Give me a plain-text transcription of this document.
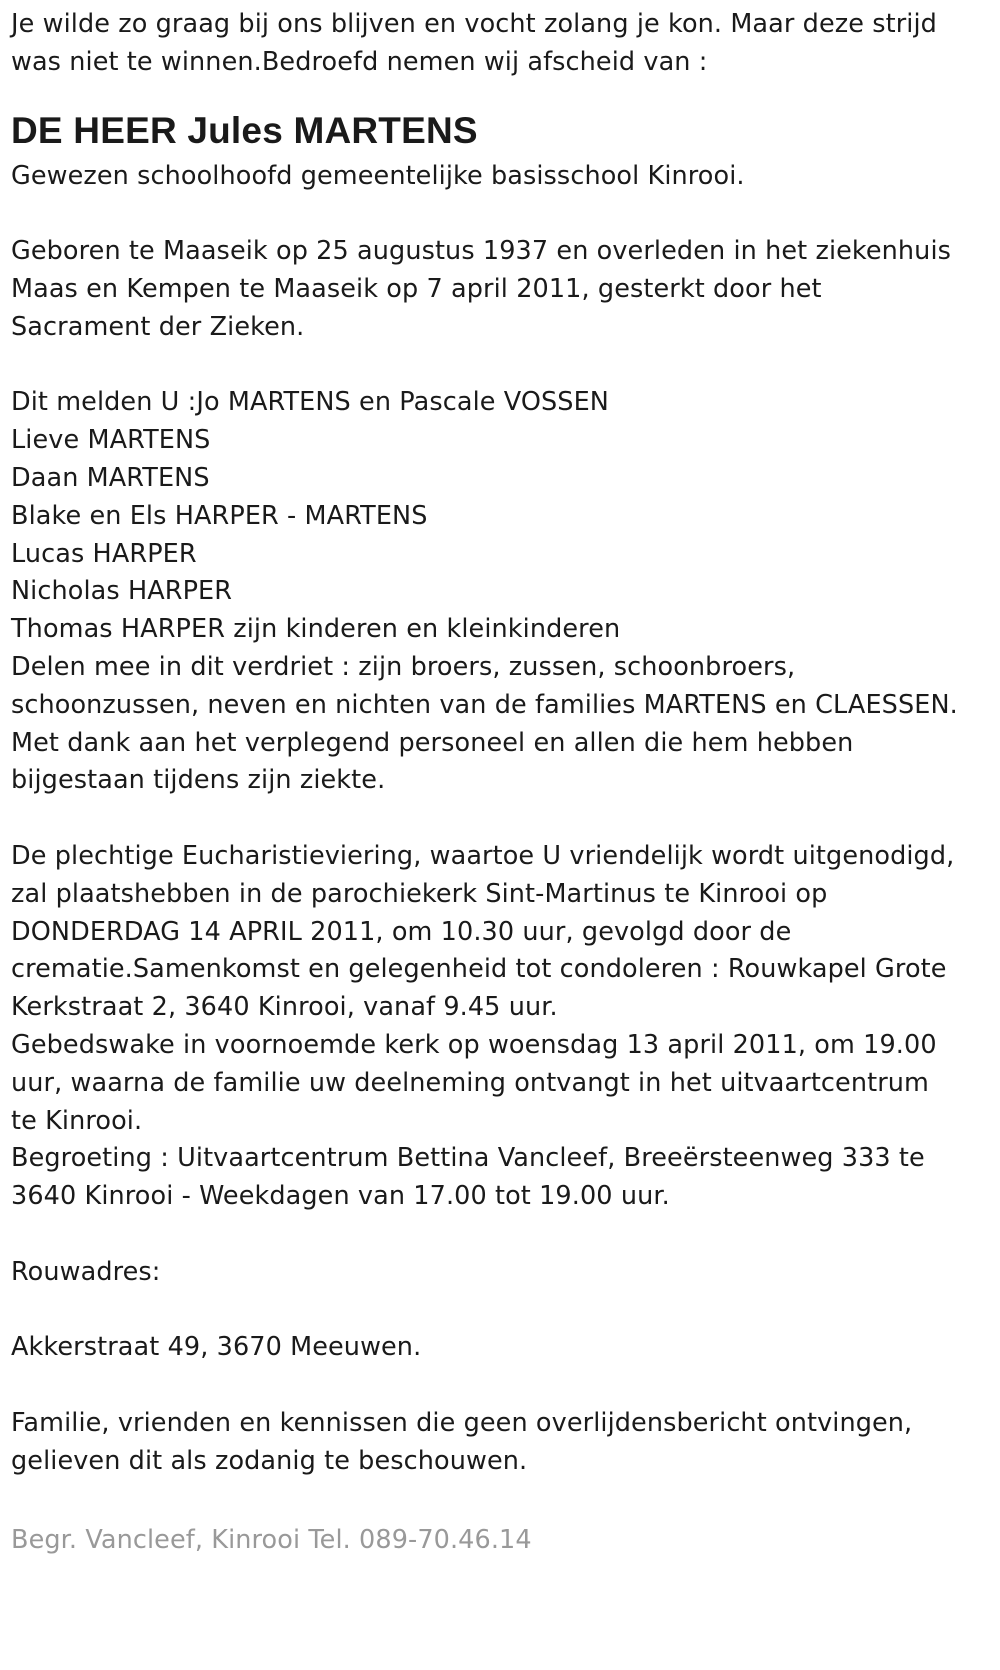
Je wilde zo graag bij ons blijven en vocht zolang je kon. Maar deze strijd
was niet te winnen.Bedroefd nemen wij afscheid van :
DE HEER Jules MARTENS
Gewezen schoolhoofd gemeentelijke basisschool Kinrooi.
Geboren te Maaseik op 25 augustus 1937 en overleden in het ziekenhuis
Maas en Kempen te Maaseik op 7 april 2011, gesterkt door het
Sacrament der Zieken.
Dit melden U :Jo MARTENS en Pascale VOSSEN
Lieve MARTENS
Daan MARTENS
Blake en Els HARPER - MARTENS
Lucas HARPER
Nicholas HARPER
Thomas HARPER zijn kinderen en kleinkinderen
Delen mee in dit verdriet : zijn broers, zussen, schoonbroers,
schoonzussen, neven en nichten van de families MARTENS en CLAESSEN.
Met dank aan het verplegend personeel en allen die hem hebben
bijgestaan tijdens zijn ziekte.
De plechtige Eucharistieviering, waartoe U vriendelijk wordt uitgenodigd,
zal plaatshebben in de parochiekerk Sint-Martinus te Kinrooi op
DONDERDAG 14 APRIL 2011, om 10.30 uur, gevolgd door de
crematie.Samenkomst en gelegenheid tot condoleren : Rouwkapel Grote
Kerkstraat 2, 3640 Kinrooi, vanaf 9.45 uur.
Gebedswake in voornoemde kerk op woensdag 13 april 2011, om 19.00
uur, waarna de familie uw deelneming ontvangt in het uitvaartcentrum
te Kinrooi.
Begroeting : Uitvaartcentrum Bettina Vancleef, Breeërsteenweg 333 te
3640 Kinrooi - Weekdagen van 17.00 tot 19.00 uur.
Rouwadres:
Akkerstraat 49, 3670 Meeuwen.
Familie, vrienden en kennissen die geen overlijdensbericht ontvingen,
gelieven dit als zodanig te beschouwen.
Begr. Vancleef, Kinrooi Tel. 089-70.46.14
